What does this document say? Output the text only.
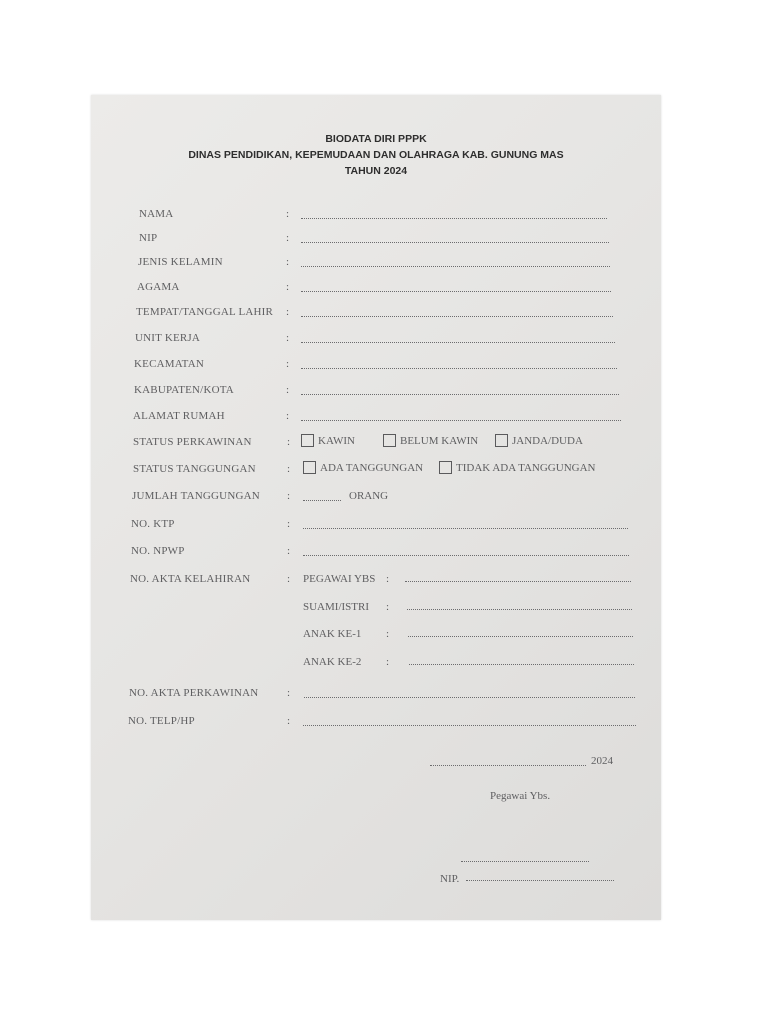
BIODATA DIRI PPPK
DINAS PENDIDIKAN, KEPEMUDAAN DAN OLAHRAGA KAB. GUNUNG MAS
TAHUN 2024
NAMA	:
NIP	:
JENIS KELAMIN	:
AGAMA	:
TEMPAT/TANGGAL LAHIR :
UNIT KERJA	:
KECAMATAN	:
KABUPATEN/KOTA	:
ALAMAT RUMAH	:
STATUS PERKAWINAN	:	KAWIN	BELUM KAWIN	JANDA/DUDA
STATUS TANGGUNGAN	:	ADA TANGGUNGAN	TIDAK ADA TANGGUNGAN
JUMLAH TANGGUNGAN :	ORANG
NO. KTP	:
NO. NPWP	:
NO. AKTA KELAHIRAN	: PEGAWAI YBS :
SUAMI/ISTRI :
ANAK KE-1 :
ANAK KE-2 :
NO. AKTA PERKAWINAN	:
NO. TELP/HP	:
2024
Pegawai Ybs.
NIP.
